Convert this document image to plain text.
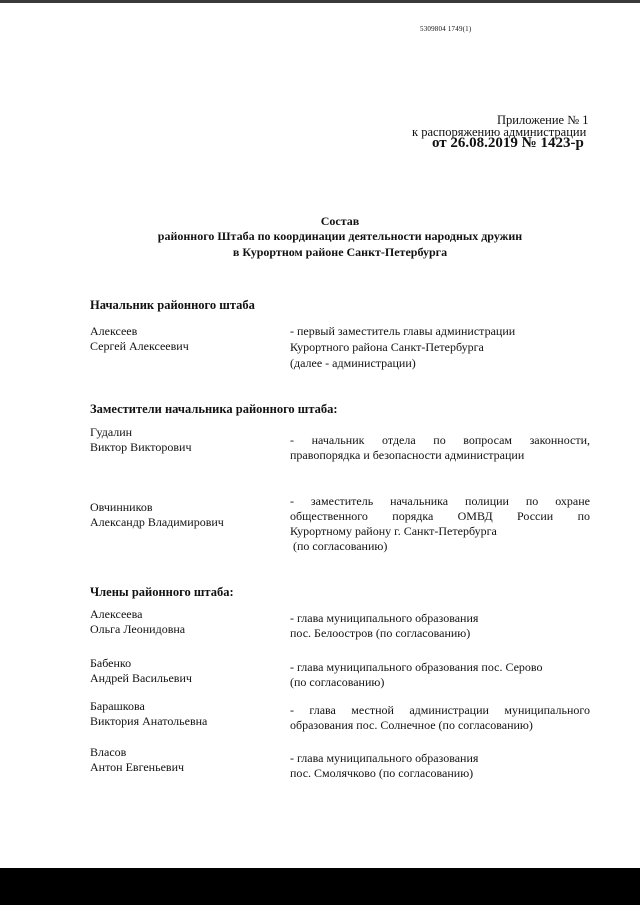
5309804 1749(1)
Приложение № 1
к распоряжению администрации
от 26.08.2019 № 1423-р
Состав
районного Штаба по координации деятельности народных дружин
в Курортном районе Санкт-Петербурга
Начальник районного штаба
Алексеев
Сергей Алексеевич
- первый заместитель главы администрации
Курортного района Санкт-Петербурга
(далее - администрации)
Заместители начальника районного штаба:
Гудалин
Виктор Викторович	- начальник отдела по вопросам законности,
правопорядка и безопасности администрации
Овчинников
Александр Владимирович
- заместитель начальника полиции по охране
общественного порядка ОМВД России по
Курортному району г. Санкт-Петербурга
(по согласованию)
Члены районного штаба:
Алексеева
Ольга Леонидовна
- глава муниципального образования
пос. Белоостров (по согласованию)
Бабенко
Андрей Васильевич
- глава муниципального образования пос. Серово
(по согласованию)
Барашкова
Виктория Анатольевна
- глава местной администрации муниципального
образования пос. Солнечное (по согласованию)
Власов
Антон Евгеньевич
- глава муниципального образования
пос. Смолячково (по согласованию)
